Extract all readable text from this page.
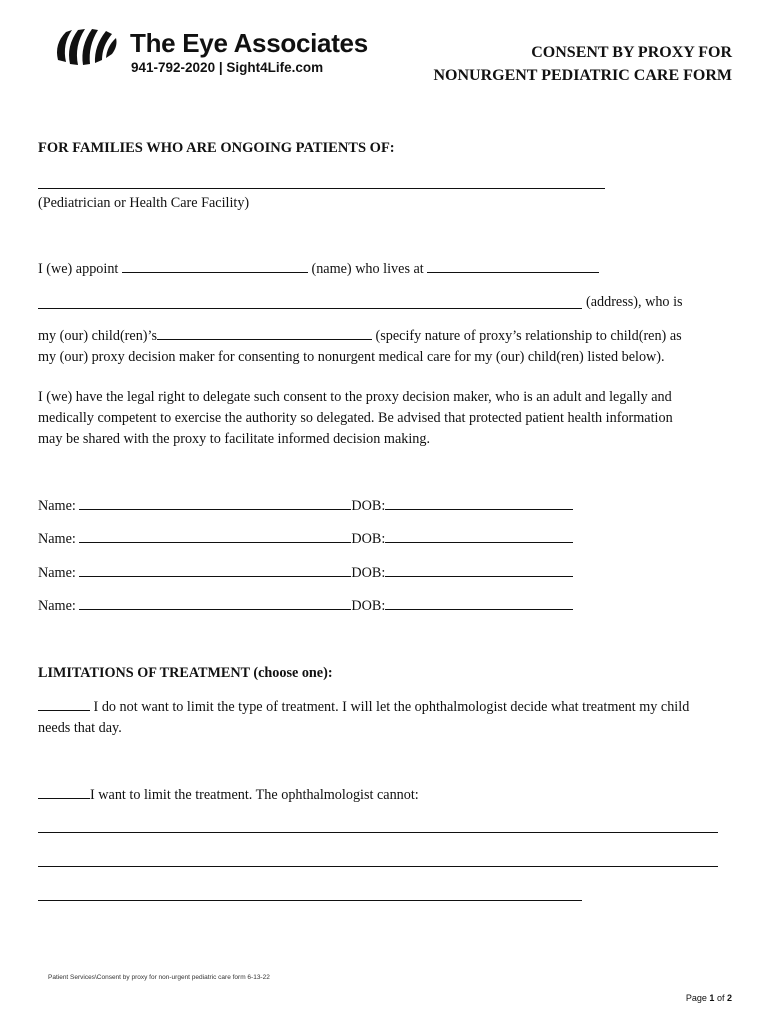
The Eye Associates
941-792-2020 | Sight4Life.com
CONSENT BY PROXY FOR
NONURGENT PEDIATRIC CARE FORM
FOR FAMILIES WHO ARE ONGOING PATIENTS OF:
(Pediatrician or Health Care Facility)
I (we) appoint	(name) who lives at
(address), who is
my (our) child(ren)’s	(specify nature of proxy’s relationship to child(ren) as
my (our) proxy decision maker for consenting to nonurgent medical care for my (our) child(ren) listed below).
I (we) have the legal right to delegate such consent to the proxy decision maker, who is an adult and legally and
medically competent to exercise the authority so delegated. Be advised that protected patient health information
may be shared with the proxy to facilitate informed decision making.
Name:	DOB:
Name:	DOB:
Name:	DOB:
Name:	DOB:
LIMITATIONS OF TREATMENT (choose one):
I do not want to limit the type of treatment. I will let the ophthalmologist decide what treatment my child
needs that day.
I want to limit the treatment. The ophthalmologist cannot:
Patient Services\Consent by proxy for non-urgent pediatric care form 6-13-22
Page 1 of 2
